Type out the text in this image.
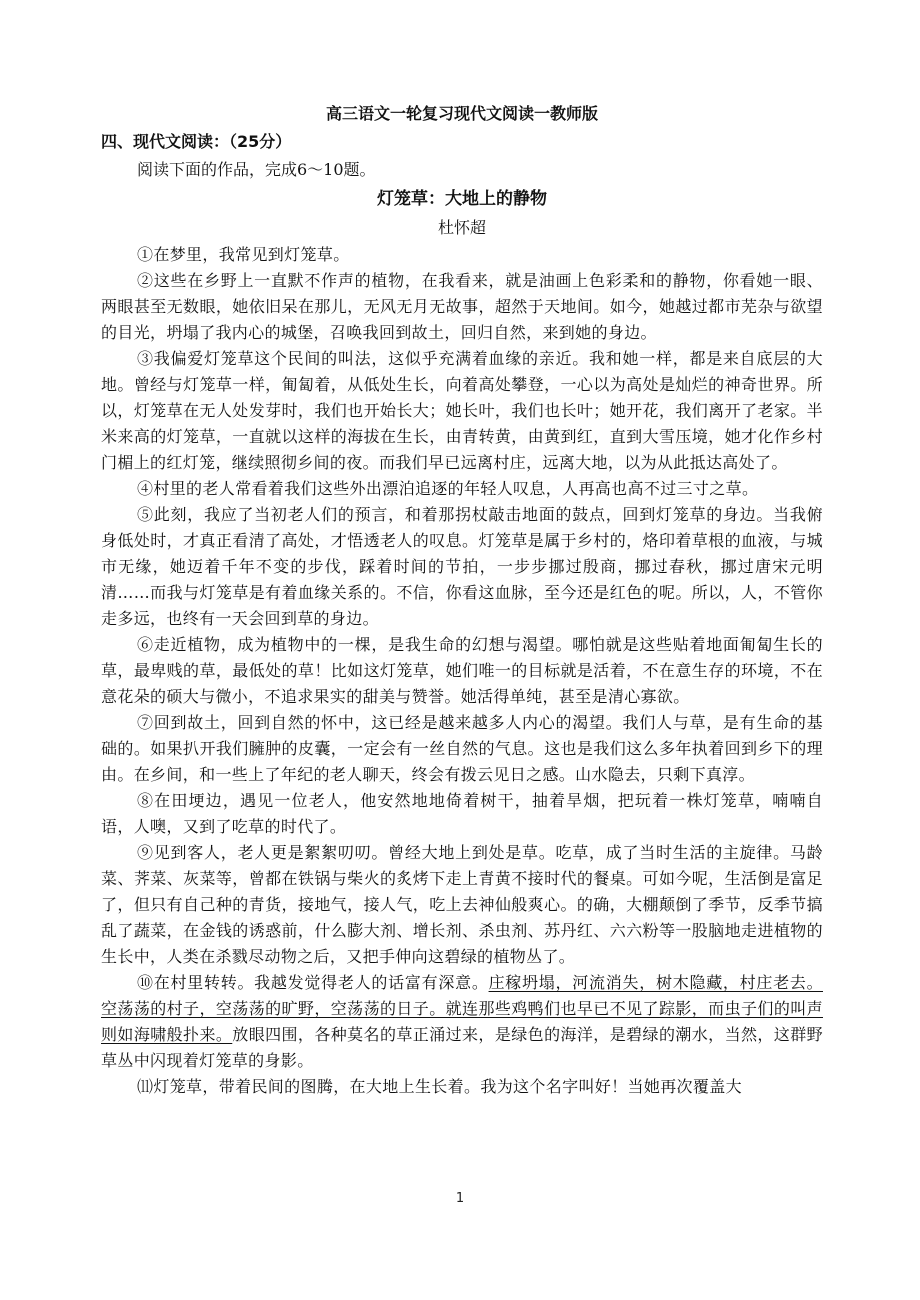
高三语文一轮复习现代文阅读一教师版

四、现代文阅读：（25分）

阅读下面的作品，完成6～10题。

灯笼草：大地上的静物

杜怀超

①在梦里，我常见到灯笼草。

②这些在乡野上一直默不作声的植物，在我看来，就是油画上色彩柔和的静物，你看她一眼、两眼甚至无数眼，她依旧呆在那儿，无风无月无故事，超然于天地间。如今，她越过都市芜杂与欲望的目光，坍塌了我内心的城堡，召唤我回到故土，回归自然，来到她的身边。

③我偏爱灯笼草这个民间的叫法，这似乎充满着血缘的亲近。我和她一样，都是来自底层的大地。曾经与灯笼草一样，匍匐着，从低处生长，向着高处攀登，一心以为高处是灿烂的神奇世界。所以，灯笼草在无人处发芽时，我们也开始长大；她长叶，我们也长叶；她开花，我们离开了老家。半米来高的灯笼草，一直就以这样的海拔在生长，由青转黄，由黄到红，直到大雪压境，她才化作乡村门楣上的红灯笼，继续照彻乡间的夜。而我们早已远离村庄，远离大地，以为从此抵达高处了。

④村里的老人常看着我们这些外出漂泊追逐的年轻人叹息，人再高也高不过三寸之草。

⑤此刻，我应了当初老人们的预言，和着那拐杖敲击地面的鼓点，回到灯笼草的身边。当我俯身低处时，才真正看清了高处，才悟透老人的叹息。灯笼草是属于乡村的，烙印着草根的血液，与城市无缘，她迈着千年不变的步伐，踩着时间的节拍，一步步挪过殷商，挪过春秋，挪过唐宋元明清……而我与灯笼草是有着血缘关系的。不信，你看这血脉，至今还是红色的呢。所以，人，不管你走多远，也终有一天会回到草的身边。

⑥走近植物，成为植物中的一棵，是我生命的幻想与渴望。哪怕就是这些贴着地面匍匐生长的草，最卑贱的草，最低处的草！比如这灯笼草，她们唯一的目标就是活着，不在意生存的环境，不在意花朵的硕大与微小，不追求果实的甜美与赞誉。她活得单纯，甚至是清心寡欲。

⑦回到故土，回到自然的怀中，这已经是越来越多人内心的渴望。我们人与草，是有生命的基础的。如果扒开我们臃肿的皮囊，一定会有一丝自然的气息。这也是我们这么多年执着回到乡下的理由。在乡间，和一些上了年纪的老人聊天，终会有拨云见日之感。山水隐去，只剩下真淳。

⑧在田埂边，遇见一位老人，他安然地地倚着树干，抽着旱烟，把玩着一株灯笼草，喃喃自语，人噢，又到了吃草的时代了。

⑨见到客人，老人更是絮絮叨叨。曾经大地上到处是草。吃草，成了当时生活的主旋律。马龄菜、荠菜、灰菜等，曾都在铁锅与柴火的炙烤下走上青黄不接时代的餐桌。可如今呢，生活倒是富足了，但只有自己种的青货，接地气，接人气，吃上去神仙般爽心。的确，大棚颠倒了季节，反季节搞乱了蔬菜，在金钱的诱惑前，什么膨大剂、增长剂、杀虫剂、苏丹红、六六粉等一股脑地走进植物的生长中，人类在杀戮尽动物之后，又把手伸向这碧绿的植物丛了。

⑩在村里转转。我越发觉得老人的话富有深意。庄稼坍塌，河流消失，树木隐藏，村庄老去。空荡荡的村子，空荡荡的旷野，空荡荡的日子。就连那些鸡鸭们也早已不见了踪影，而虫子们的叫声则如海啸般扑来。放眼四围，各种莫名的草正涌过来，是绿色的海洋，是碧绿的潮水，当然，这群野草丛中闪现着灯笼草的身影。

⑾灯笼草，带着民间的图腾，在大地上生长着。我为这个名字叫好！当她再次覆盖大

1
